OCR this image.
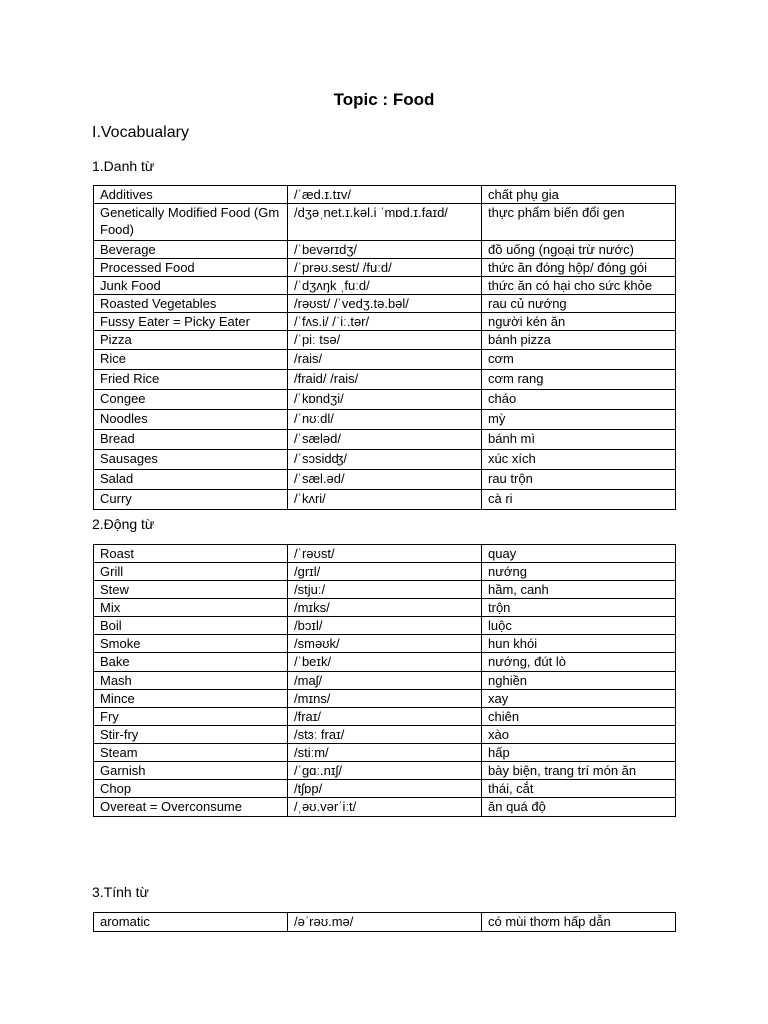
Topic : Food
I.Vocabualary
1.Danh từ
Additives	/ˈæd.ɪ.tɪv/	chất phụ gia
Genetically Modified Food (Gm Food)	/dʒəˌnet.ɪ.kəl.i ˈmɒd.ɪ.faɪd/	thực phẩm biến đổi gen
Beverage	/ˈbevərɪdʒ/	đồ uống (ngoại trừ nước)
Processed Food	/ˈprəʊ.sest/ /fuːd/	thức ăn đóng hộp/ đóng gói
Junk Food	/ˈdʒʌŋk ˌfuːd/	thức ăn có hại cho sức khỏe
Roasted Vegetables	/rəʊst/ /ˈvedʒ.tə.bəl/	rau củ nướng
Fussy Eater = Picky Eater	/ˈfʌs.i/ /ˈiː.tər/	người kén ăn
Pizza	/ˈpiː tsə/	bánh pizza
Rice	/rais/	cơm
Fried Rice	/fraid/ /rais/	cơm rang
Congee	/ˈkɒndʒi/	cháo
Noodles	/ˈnʊːdl/	mỳ
Bread	/ˈsæləd/	bánh mì
Sausages	/ˈsɔsidʤ/	xúc xích
Salad	/ˈsæl.əd/	rau trộn
Curry	/ˈkʌri/	cà ri
2.Động từ
Roast	/ˈrəʊst/	quay
Grill	/ɡrɪl/	nướng
Stew	/stjuː/	hầm, canh
Mix	/mɪks/	trộn
Boil	/bɔɪl/	luộc
Smoke	/sməʊk/	hun khói
Bake	/ˈbeɪk/	nướng, đút lò
Mash	/maʃ/	nghiền
Mince	/mɪns/	xay
Fry	/fraɪ/	chiên
Stir-fry	/stɜː fraɪ/	xào
Steam	/stiːm/	hấp
Garnish	/ˈɡɑː.nɪʃ/	bày biện, trang trí món ăn
Chop	/tʃɒp/	thái, cắt
Overeat = Overconsume	/ˌəʊ.vərˈiːt/	ăn quá độ
3.Tính từ
aromatic	/əˈrəʊ.mə/	có mùi thơm hấp dẫn
